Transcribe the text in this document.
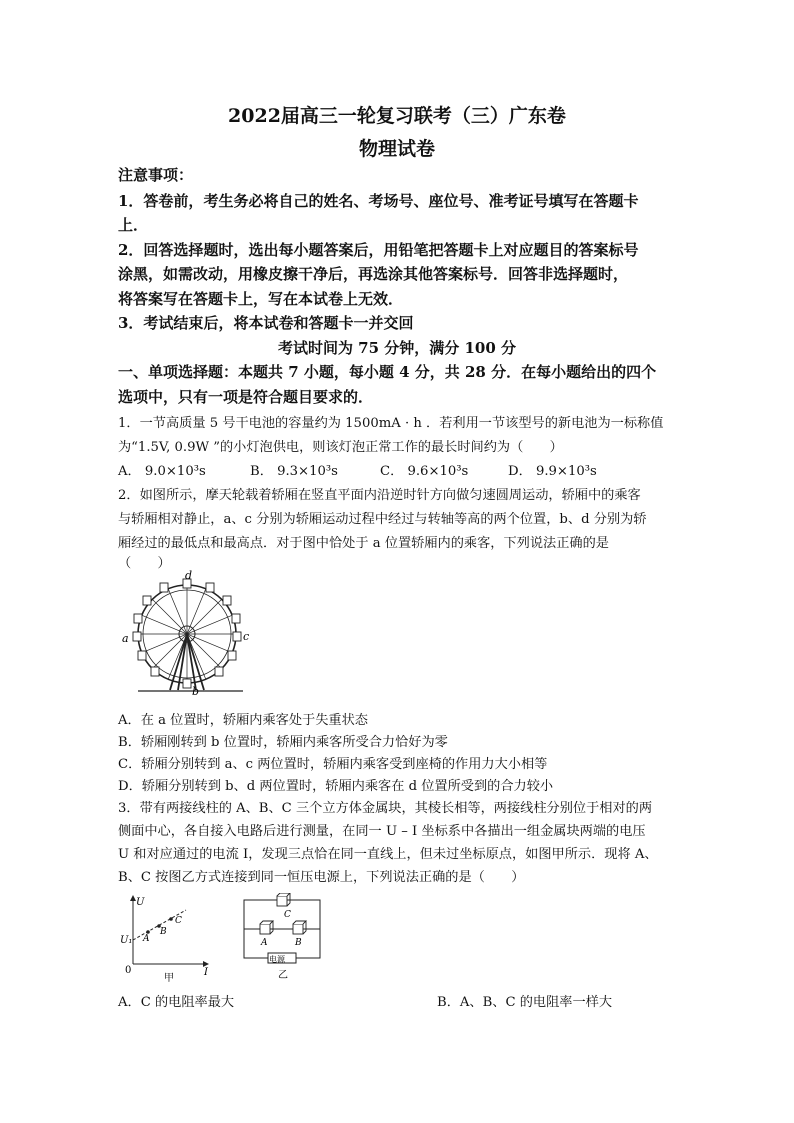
2022届高三一轮复习联考（三）广东卷
物理试卷
注意事项：
1．答卷前，考生务必将自己的姓名、考场号、座位号、准考证号填写在答题卡
上．
2．回答选择题时，选出每小题答案后，用铅笔把答题卡上对应题目的答案标号
涂黑，如需改动，用橡皮擦干净后，再选涂其他答案标号．回答非选择题时，
将答案写在答题卡上，写在本试卷上无效．
3．考试结束后，将本试卷和答题卡一并交回
考试时间为 75 分钟，满分 100 分
一、单项选择题：本题共 7 小题，每小题 4 分，共 28 分．在每小题给出的四个
选项中，只有一项是符合题目要求的．
1．一节高质量 5 号干电池的容量约为 1500mA · h ．若利用一节该型号的新电池为一标称值
为“1.5V, 0.9W ”的小灯泡供电，则该灯泡正常工作的最长时间约为（　　）
A． 9.0×10³s	B． 9.3×10³s	C． 9.6×10³s	D． 9.9×10³s
2．如图所示，摩天轮载着轿厢在竖直平面内沿逆时针方向做匀速圆周运动，轿厢中的乘客
与轿厢相对静止，a、c 分别为轿厢运动过程中经过与转轴等高的两个位置，b、d 分别为轿
厢经过的最低点和最高点．对于图中恰处于 a 位置轿厢内的乘客，下列说法正确的是
（　　）
d
a	c
b
A．在 a 位置时，轿厢内乘客处于失重状态
B．轿厢刚转到 b 位置时，轿厢内乘客所受合力恰好为零
C．轿厢分别转到 a、c 两位置时，轿厢内乘客受到座椅的作用力大小相等
D．轿厢分别转到 b、d 两位置时，轿厢内乘客在 d 位置所受到的合力较小
3．带有两接线柱的 A、B、C 三个立方体金属块，其棱长相等，两接线柱分别位于相对的两
侧面中心，各自接入电路后进行测量，在同一 U – I 坐标系中各描出一组金属块两端的电压
U 和对应通过的电流 I，发现三点恰在同一直线上，但未过坐标原点，如图甲所示．现将 A、
B、C 按图乙方式连接到同一恒压电源上，下列说法正确的是（　　）
U
U₁
0	I
A
B
C
甲
电源
C
A	B
乙
A．C 的电阻率最大	B．A、B、C 的电阻率一样大
